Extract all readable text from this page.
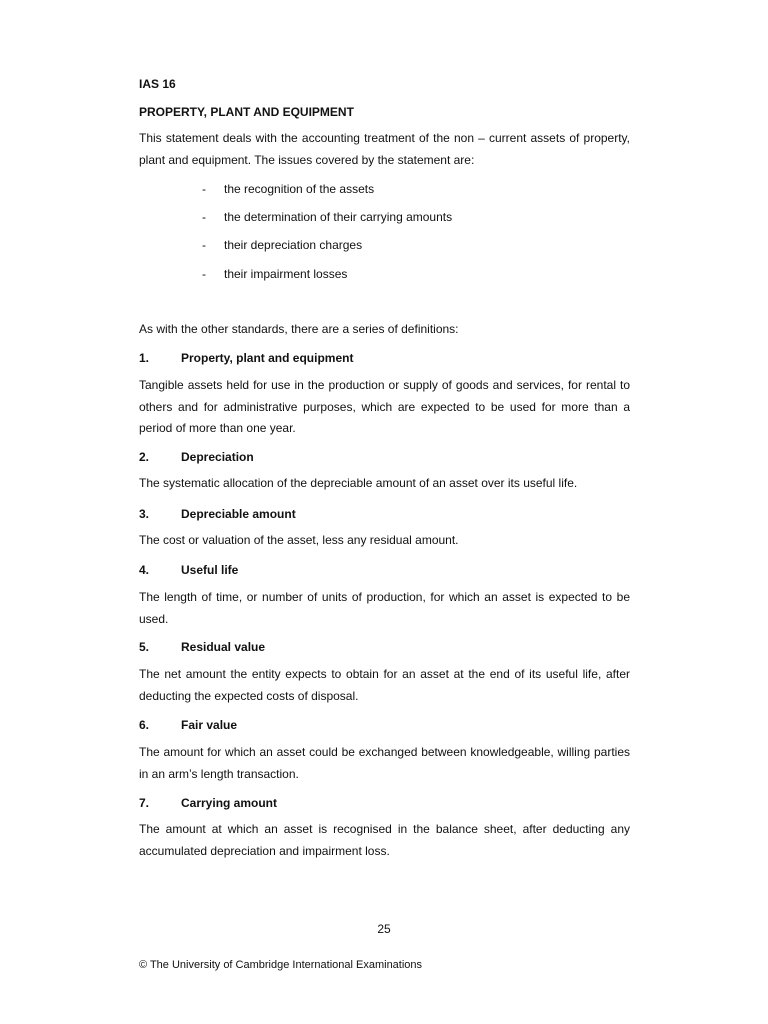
IAS 16
PROPERTY, PLANT AND EQUIPMENT

This statement deals with the accounting treatment of the non – current assets of property, plant and equipment. The issues covered by the statement are:

- the recognition of the assets
- the determination of their carrying amounts
- their depreciation charges
- their impairment losses
As with the other standards, there are a series of definitions:
1.	Property, plant and equipment

Tangible assets held for use in the production or supply of goods and services, for rental to others and for administrative purposes, which are expected to be used for more than a period of more than one year.

2.	Depreciation

The systematic allocation of the depreciable amount of an asset over its useful life.

3.	Depreciable amount

The cost or valuation of the asset, less any residual amount.

4.	Useful life

The length of time, or number of units of production, for which an asset is expected to be used.

5.	Residual value

The net amount the entity expects to obtain for an asset at the end of its useful life, after deducting the expected costs of disposal.

6.	Fair value

The amount for which an asset could be exchanged between knowledgeable, willing parties in an arm’s length transaction.

7.	Carrying amount

The amount at which an asset is recognised in the balance sheet, after deducting any accumulated depreciation and impairment loss.

25
© The University of Cambridge International Examinations
